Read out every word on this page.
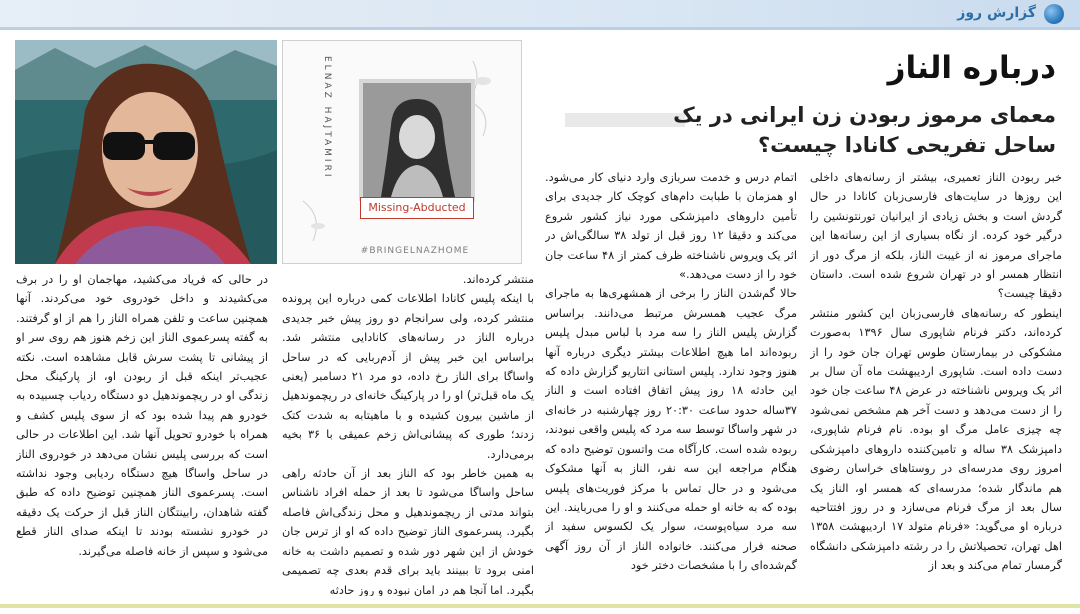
گزارش روز
درباره الناز
معمای مرموز ربودن زن ایرانی در یک ساحل تفریحی کانادا چیست؟
ELNAZ HAJTAMIRI
Missing-Abducted
#BRINGELNAZHOME

خبر ربودن الناز تعمیری، بیشتر از رسانه‌های داخلی این روزها در سایت‌های فارسی‌زبان کانادا در حال گردش است و بخش زیادی از ایرانیان تورنتونشین را درگیر خود کرده. از نگاه بسیاری از این رسانه‌ها این ماجرای مرموز نه از غیبت الناز، بلکه از مرگ دور از انتظار همسر او در تهران شروع شده است. داستان دقیقا چیست؟

اینطور که رسانه‌های فارسی‌زبان این کشور منتشر کرده‌اند، دکتر فرنام شاپوری سال ۱۳۹۶ به‌صورت مشکوکی در بیمارستان طوس تهران جان خود را از دست داده است. شاپوری اردیبهشت ماه آن سال بر اثر یک ویروس ناشناخته در عرض ۴۸ ساعت جان خود را از دست می‌دهد و دست آخر هم مشخص نمی‌شود چه چیزی عامل مرگ او بوده. نام فرنام شاپوری، دامپزشک ۳۸ ساله و تامین‌کننده داروهای دامپزشکی امروز روی مدرسه‌ای در روستاهای خراسان رضوی هم ماندگار شده؛ مدرسه‌ای که همسر او، الناز یک سال بعد از مرگ فرنام می‌سازد و در روز افتتاحیه درباره او می‌گوید: «فرنام متولد ۱۷ اردیبهشت ۱۳۵۸ اهل تهران، تحصیلاتش را در رشته دامپزشکی دانشگاه گرمسار تمام می‌کند و بعد از

اتمام درس و خدمت سربازی وارد دنیای کار می‌شود. او همزمان با طبابت دام‌های کوچک کار جدیدی برای تأمین داروهای دامپزشکی مورد نیاز کشور شروع می‌کند و دقیقا ۱۲ روز قبل از تولد ۳۸ سالگی‌اش در اثر یک ویروس ناشناخته ظرف کمتر از ۴۸ ساعت جان خود را از دست می‌دهد.»

حالا گم‌شدن الناز را برخی از همشهری‌ها به ماجرای مرگ عجیب همسرش مرتبط می‌دانند. براساس گزارش پلیس الناز را سه مرد با لباس مبدل پلیس ربوده‌اند اما هیچ اطلاعات بیشتر دیگری درباره آنها هنوز وجود ندارد. پلیس استانی انتاریو گزارش داده که این حادثه ۱۸ روز پیش اتفاق افتاده است و الناز ۳۷ساله حدود ساعت ۲۰:۳۰ روز چهارشنبه در خانه‌ای در شهر واساگا توسط سه مرد که پلیس واقعی نبودند، ربوده شده است. کارآگاه مت واتسون توضیح داده که هنگام مراجعه این سه نفر، الناز به آنها مشکوک می‌شود و در حال تماس با مرکز فوریت‌های پلیس بوده که به خانه او حمله می‌کنند و او را می‌ربایند. این سه مرد سیاه‌پوست، سوار یک لکسوس سفید از صحنه فرار می‌کنند. خانواده الناز از آن روز آگهی گم‌شده‌ای را با مشخصات دختر خود

منتشر کرده‌اند.

با اینکه پلیس کانادا اطلاعات کمی درباره این پرونده منتشر کرده، ولی سرانجام دو روز پیش خبر جدیدی درباره الناز در رسانه‌های کانادایی منتشر شد. براساس این خبر پیش از آدم‌ربایی که در ساحل واساگا برای الناز رخ داده، دو مرد ۲۱ دسامبر (یعنی یک ماه قبل‌تر) او را در پارکینگ خانه‌ای در ریچموندهیل از ماشین بیرون کشیده و با ماهیتابه به شدت کتک زدند؛ طوری که پیشانی‌اش زخم عمیقی با ۳۶ بخیه برمی‌دارد.

به همین خاطر بود که الناز بعد از آن حادثه راهی ساحل واساگا می‌شود تا بعد از حمله افراد ناشناس بتواند مدتی از ریچموندهیل و محل زندگی‌اش فاصله بگیرد. پسرعموی الناز توضیح داده که او از ترس جان خودش از این شهر دور شده و تصمیم داشت به خانه امنی برود تا ببینند باید برای قدم بعدی چه تصمیمی بگیرد. اما آنجا هم در امان نبوده و روز حادثه

در حالی که فریاد می‌کشید، مهاجمان او را در برف می‌کشیدند و داخل خودروی خود می‌کردند. آنها همچنین ساعت و تلفن همراه الناز را هم از او گرفتند. به گفته پسرعموی الناز این زخم هنوز هم روی سر او از پیشانی تا پشت سرش قابل مشاهده است. نکته عجیب‌تر اینکه قبل از ربودن او، از پارکینگ محل زندگی او در ریچموندهیل دو دستگاه ردیاب چسبیده به خودرو هم پیدا شده بود که از سوی پلیس کشف و همراه با خودرو تحویل آنها شد. این اطلاعات در حالی است که بررسی پلیس نشان می‌دهد در خودروی الناز در ساحل واساگا هیچ دستگاه ردیابی وجود نداشته است. پسرعموی الناز همچنین توضیح داده که طبق گفته شاهدان، رابینتگان الناز قبل از حرکت یک دقیقه در خودرو نشسته بودند تا اینکه صدای الناز قطع می‌شود و سپس از خانه فاصله می‌گیرند.
